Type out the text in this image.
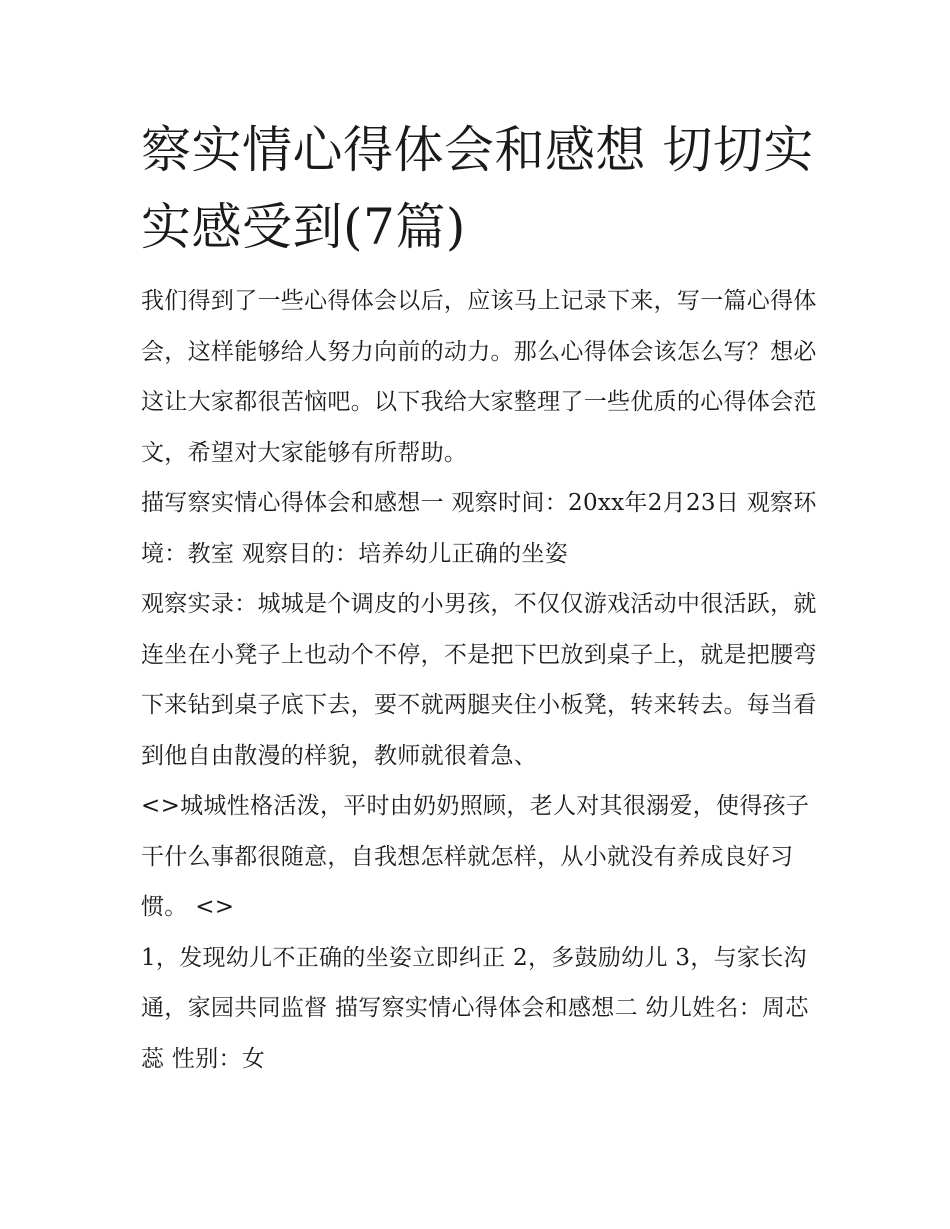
察实情心得体会和感想 切切实实感受到(7篇)

我们得到了一些心得体会以后，应该马上记录下来，写一篇心得体会，这样能够给人努力向前的动力。那么心得体会该怎么写？想必这让大家都很苦恼吧。以下我给大家整理了一些优质的心得体会范文，希望对大家能够有所帮助。

描写察实情心得体会和感想一 观察时间：20xx年2月23日 观察环境：教室 观察目的：培养幼儿正确的坐姿

观察实录：城城是个调皮的小男孩，不仅仅游戏活动中很活跃，就连坐在小凳子上也动个不停，不是把下巴放到桌子上，就是把腰弯下来钻到桌子底下去，要不就两腿夹住小板凳，转来转去。每当看到他自由散漫的样貌，教师就很着急、

<>城城性格活泼，平时由奶奶照顾，老人对其很溺爱，使得孩子干什么事都很随意，自我想怎样就怎样，从小就没有养成良好习惯。 <>

1，发现幼儿不正确的坐姿立即纠正 2，多鼓励幼儿 3，与家长沟通，家园共同监督 描写察实情心得体会和感想二 幼儿姓名：周芯蕊 性别：女
